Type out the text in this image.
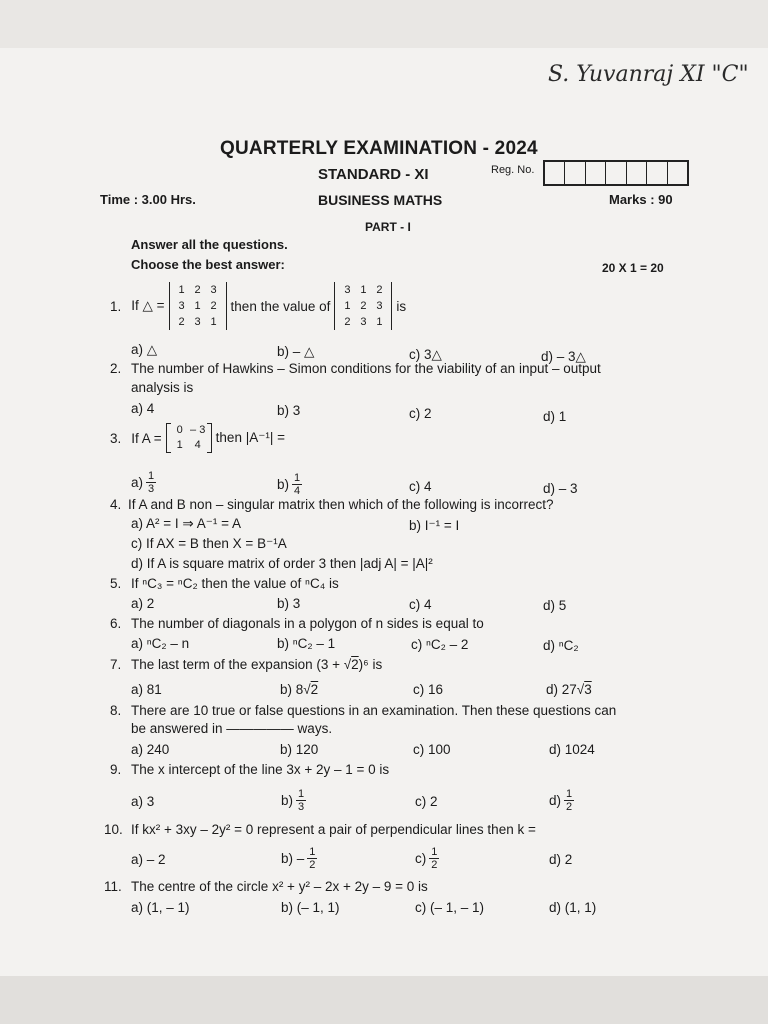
S. Yuvanraj XI "C"
QUARTERLY EXAMINATION - 2024
STANDARD - XI	Reg. No.
Time : 3.00 Hrs.	BUSINESS MATHS	Marks : 90
PART - I
Answer all the questions.
Choose the best answer:	20 X 1 = 20
1. If △ =
1 2 3
3 1 2
2 3 1
then the value of
3 1 2
1 2 3
2 3 1
is
a) △	b) – △	c) 3△	d) – 3△
2. The number of Hawkins – Simon conditions for the viability of an input – output
analysis is
a) 4	b) 3	c) 2	d) 1
3. If A =
0 – 3
1 4	then |A⁻¹| =
$a) \frac{1}{3}$	$b) \frac{1}{4}$	c) 4	d) – 3
4. If A and B non – singular matrix then which of the following is incorrect?
a) A² = I ⇒ A⁻¹ = A	b) I⁻¹ = I
c) If AX = B then X = B⁻¹A
d) If A is square matrix of order 3 then |adj A| = |A|²
5. If ⁿC₃ = ⁿC₂ then the value of ⁿC₄ is
a) 2	b) 3	c) 4	d) 5
6. The number of diagonals in a polygon of n sides is equal to
a) ⁿC₂ – n	b) ⁿC₂ – 1	c) ⁿC₂ – 2	d) ⁿC₂
7. The last term of the expansion (3 + √2)⁶ is
a) 81	b) 8√2	c) 16	d) 27√3
8. There are 10 true or false questions in an examination. Then these questions can
be answered in ————— ways.
a) 240	b) 120	c) 100	d) 1024
9. The x intercept of the line 3x + 2y – 1 = 0 is
a) 3	$b) \frac{1}{3}$	c) 2	$d) \frac{1}{2}$
10. If kx² + 3xy – 2y² = 0 represent a pair of perpendicular lines then k =
a) – 2	$b) - \frac{1}{2}$	$c) \frac{1}{2}$	d) 2
11. The centre of the circle x² + y² – 2x + 2y – 9 = 0 is
a) (1, – 1)	b) (– 1, 1)	c) (– 1, – 1)	d) (1, 1)
